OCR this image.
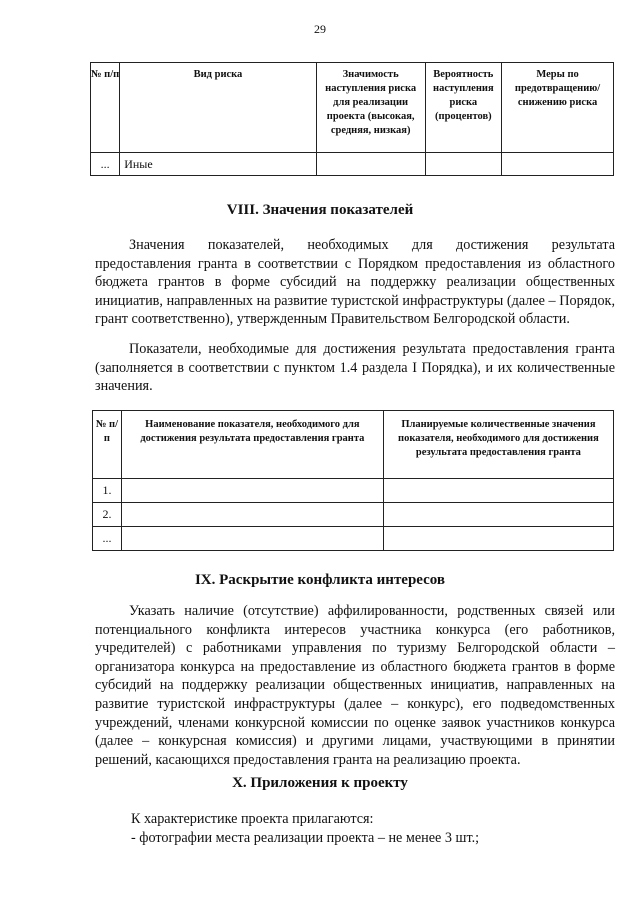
29
№ п/п	Вид риска	Значимость наступления риска для реализации проекта (высокая, средняя, низкая)	Вероятность наступления риска (процентов)	Меры по предотвращению/ снижению риска
...	Иные			
VIII. Значения показателей

Значения показателей, необходимых для достижения результата предоставления гранта в соответствии с Порядком предоставления из областного бюджета грантов в форме субсидий на поддержку реализации общественных инициатив, направленных на развитие туристской инфраструктуры (далее – Порядок, грант соответственно), утвержденным Правительством Белгородской области.

Показатели, необходимые для достижения результата предоставления гранта (заполняется в соответствии с пунктом 1.4 раздела I Порядка), и их количественные значения.

№ п/п	Наименование показателя, необходимого для достижения результата предоставления гранта	Планируемые количественные значения показателя, необходимого для достижения результата предоставления гранта
1.		
2.		
...		
IX. Раскрытие конфликта интересов

Указать наличие (отсутствие) аффилированности, родственных связей или потенциального конфликта интересов участника конкурса (его работников, учредителей) с работниками управления по туризму Белгородской области – организатора конкурса на предоставление из областного бюджета грантов в форме субсидий на поддержку реализации общественных инициатив, направленных на развитие туристской инфраструктуры (далее – конкурс), его подведомственных учреждений, членами конкурсной комиссии по оценке заявок участников конкурса (далее – конкурсная комиссия) и другими лицами, участвующими в принятии решений, касающихся предоставления гранта на реализацию проекта.

X. Приложения к проекту

К характеристике проекта прилагаются:

- фотографии места реализации проекта – не менее 3 шт.;
